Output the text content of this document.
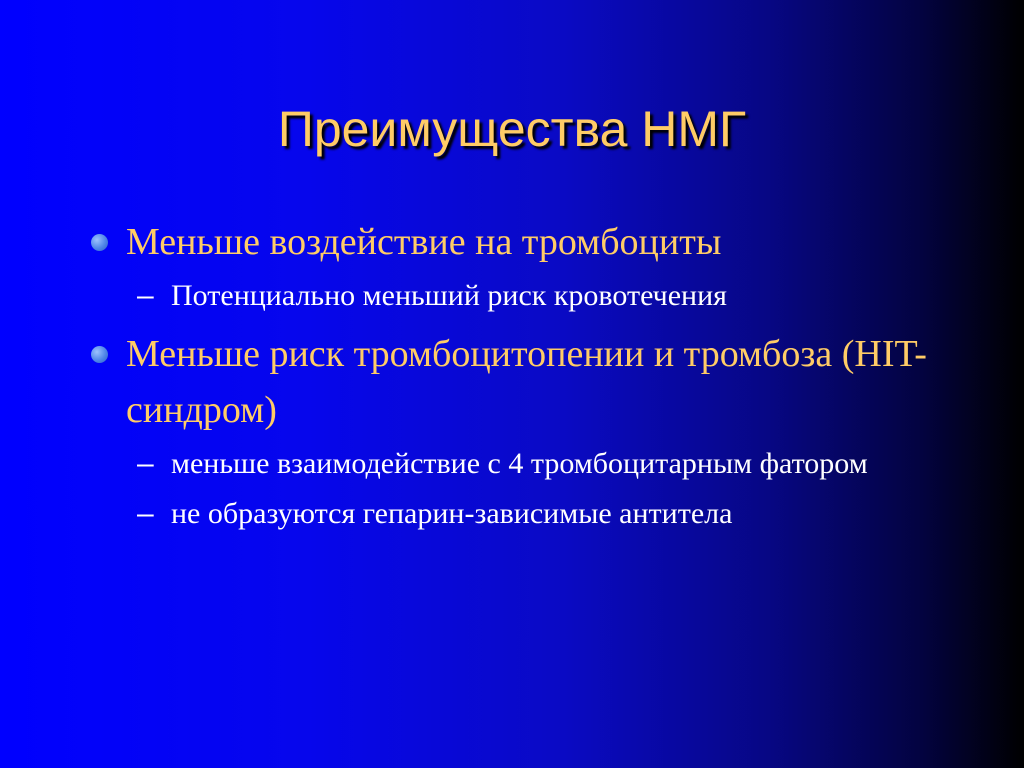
Преимущества НМГ
Меньше воздействие на тромбоциты
– Потенциально меньший риск кровотечения
Меньше риск тромбоцитопении и тромбоза (HIT-синдром)
– меньше взаимодействие с 4 тромбоцитарным фатором
– не образуются гепарин-зависимые антитела
